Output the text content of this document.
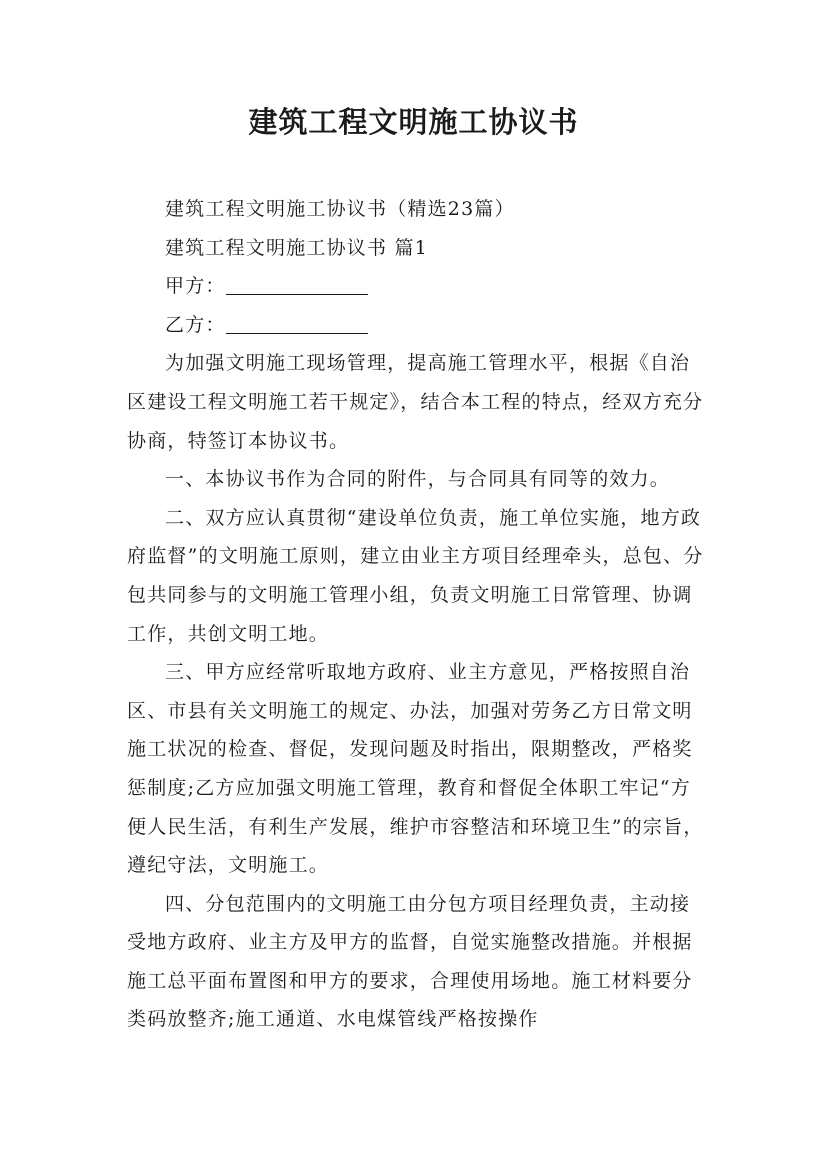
建筑工程文明施工协议书

建筑工程文明施工协议书（精选23篇）

建筑工程文明施工协议书 篇1

甲方：

乙方：

为加强文明施工现场管理，提高施工管理水平，根据《自治区建设工程文明施工若干规定》，结合本工程的特点，经双方充分协商，特签订本协议书。

一、本协议书作为合同的附件，与合同具有同等的效力。

二、双方应认真贯彻“建设单位负责，施工单位实施，地方政府监督”的文明施工原则，建立由业主方项目经理牵头，总包、分包共同参与的文明施工管理小组，负责文明施工日常管理、协调工作，共创文明工地。

三、甲方应经常听取地方政府、业主方意见，严格按照自治区、市县有关文明施工的规定、办法，加强对劳务乙方日常文明施工状况的检查、督促，发现问题及时指出，限期整改，严格奖惩制度;乙方应加强文明施工管理，教育和督促全体职工牢记“方便人民生活，有利生产发展，维护市容整洁和环境卫生”的宗旨，遵纪守法，文明施工。

四、分包范围内的文明施工由分包方项目经理负责，主动接受地方政府、业主方及甲方的监督，自觉实施整改措施。并根据施工总平面布置图和甲方的要求，合理使用场地。施工材料要分类码放整齐;施工通道、水电煤管线严格按操作
